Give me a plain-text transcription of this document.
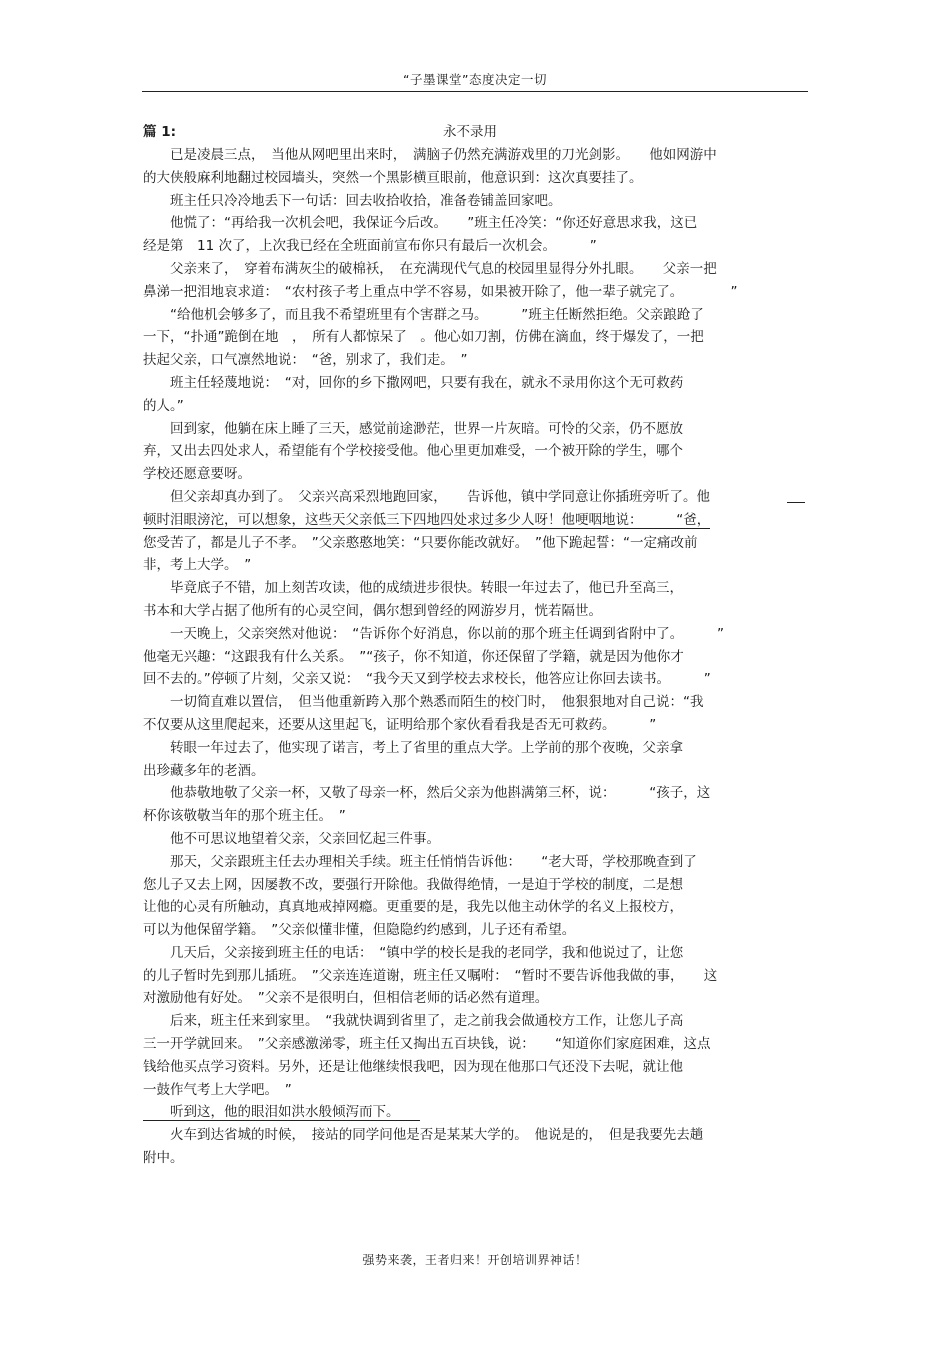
“子墨课堂”态度决定一切
篇 1:	永不录用
　　已是凌晨三点，　当他从网吧里出来时，　满脑子仍然充满游戏里的刀光剑影。　　他如网游中
的大侠般麻利地翻过校园墙头，突然一个黑影横亘眼前，他意识到：这次真要挂了。
　　班主任只冷冷地丢下一句话：回去收拾收拾，准备卷铺盖回家吧。
　　他慌了：“再给我一次机会吧，我保证今后改。　　”班主任冷笑：“你还好意思求我，这已
经是第　11 次了，上次我已经在全班面前宣布你只有最后一次机会。　　　”
　　父亲来了，　穿着布满灰尘的破棉袄，　在充满现代气息的校园里显得分外扎眼。　　父亲一把
鼻涕一把泪地哀求道：　“农村孩子考上重点中学不容易，如果被开除了，他一辈子就完了。　　　　”
　　“给他机会够多了，而且我不希望班里有个害群之马。　　　”班主任断然拒绝。父亲踉跄了
一下，“扑通”跪倒在地　，　所有人都惊呆了　。他心如刀割，仿佛在滴血，终于爆发了，一把
扶起父亲，口气凛然地说：　“爸，别求了，我们走。　”
　　班主任轻蔑地说：　“对，回你的乡下撒网吧，只要有我在，就永不录用你这个无可救药
的人。”
　　回到家，他躺在床上睡了三天，感觉前途渺茫，世界一片灰暗。可怜的父亲，仍不愿放
弃，又出去四处求人，希望能有个学校接受他。他心里更加难受，一个被开除的学生，哪个
学校还愿意要呀。
　　但父亲却真办到了。　父亲兴高采烈地跑回家，　　告诉他，镇中学同意让你插班旁听了。他
顿时泪眼滂沱，可以想象，这些天父亲低三下四地四处求过多少人呀！他哽咽地说：　　　“爸，
您受苦了，都是儿子不孝。　”父亲憨憨地笑：“只要你能改就好。　”他下跪起誓：“一定痛改前
非，考上大学。　”
　　毕竟底子不错，加上刻苦攻读，他的成绩进步很快。转眼一年过去了，他已升至高三，
书本和大学占据了他所有的心灵空间，偶尔想到曾经的网游岁月，恍若隔世。
　　一天晚上，父亲突然对他说：　“告诉你个好消息，你以前的那个班主任调到省附中了。　　　”
他毫无兴趣：“这跟我有什么关系。　”“孩子，你不知道，你还保留了学籍，就是因为他你才
回不去的。”停顿了片刻，父亲又说：　“我今天又到学校去求校长，他答应让你回去读书。　　　”
　　一切简直难以置信，　但当他重新跨入那个熟悉而陌生的校门时，　他狠狠地对自己说：“我
不仅要从这里爬起来，还要从这里起飞，证明给那个家伙看看我是否无可救药。　　　”
　　转眼一年过去了，他实现了诺言，考上了省里的重点大学。上学前的那个夜晚，父亲拿
出珍藏多年的老酒。
　　他恭敬地敬了父亲一杯，又敬了母亲一杯，然后父亲为他斟满第三杯，说：　　　“孩子，这
杯你该敬敬当年的那个班主任。　”
　　他不可思议地望着父亲，父亲回忆起三件事。
　　那天，父亲跟班主任去办理相关手续。班主任悄悄告诉他：　　“老大哥，学校那晚查到了
您儿子又去上网，因屡教不改，要强行开除他。我做得绝情，一是迫于学校的制度，二是想
让他的心灵有所触动，真真地戒掉网瘾。更重要的是，我先以他主动休学的名义上报校方，
可以为他保留学籍。　”父亲似懂非懂，但隐隐约约感到，儿子还有希望。
　　几天后，父亲接到班主任的电话：　“镇中学的校长是我的老同学，我和他说过了，让您
的儿子暂时先到那儿插班。　”父亲连连道谢，班主任又嘱咐：　“暂时不要告诉他我做的事，　　这
对激励他有好处。　”父亲不是很明白，但相信老师的话必然有道理。
　　后来，班主任来到家里。　“我就快调到省里了，走之前我会做通校方工作，让您儿子高
三一开学就回来。　”父亲感激涕零，班主任又掏出五百块钱，说：　　“知道你们家庭困难，这点
钱给他买点学习资料。另外，还是让他继续恨我吧，因为现在他那口气还没下去呢，就让他
一鼓作气考上大学吧。　”
　　听到这，他的眼泪如洪水般倾泻而下。　　
　　火车到达省城的时候，　接站的同学问他是否是某某大学的。　他说是的，　但是我要先去趟
附中。
强势来袭，王者归来！开创培训界神话！
